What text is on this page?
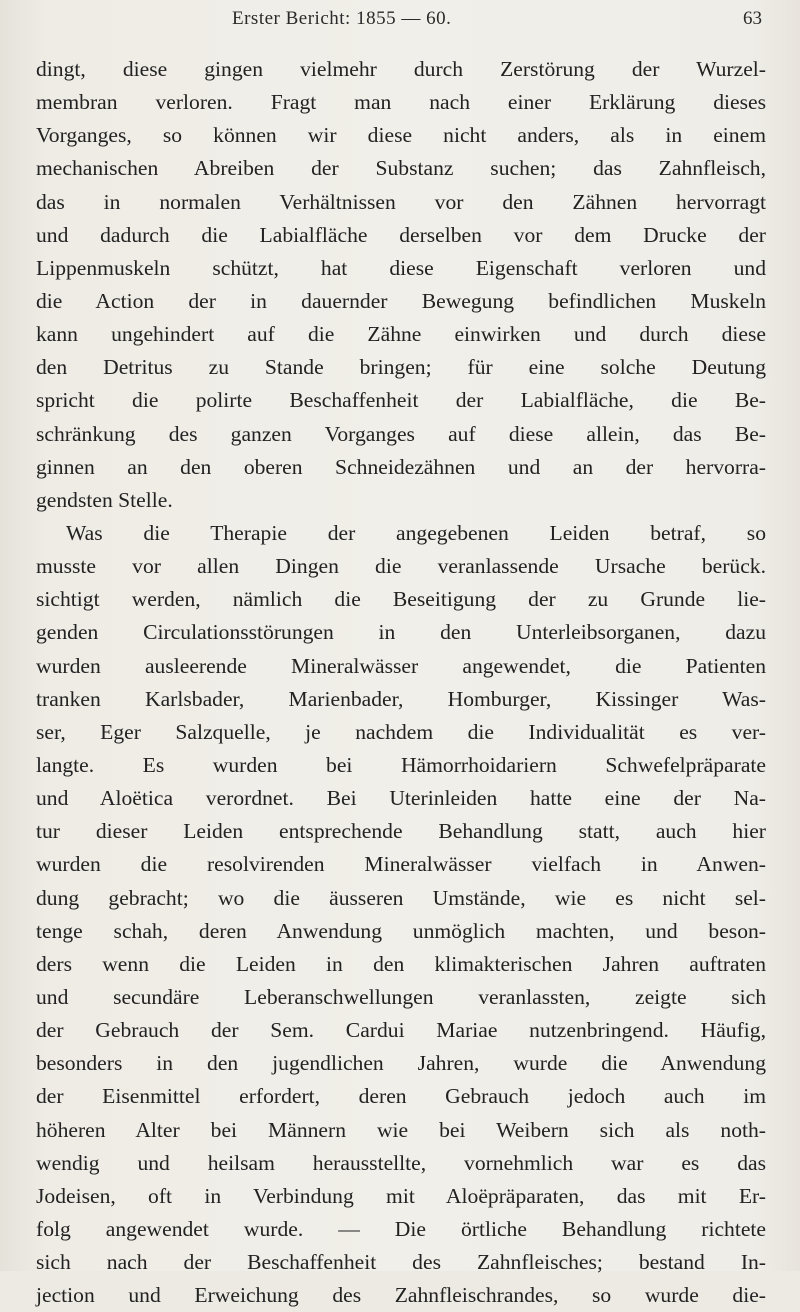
Erster Bericht: 1855 — 60.	63
dingt, diese gingen vielmehr durch Zerstörung der Wurzel-
membran verloren. Fragt man nach einer Erklärung dieses
Vorganges, so können wir diese nicht anders, als in einem
mechanischen Abreiben der Substanz suchen; das Zahnfleisch,
das in normalen Verhältnissen vor den Zähnen hervorragt
und dadurch die Labialfläche derselben vor dem Drucke der
Lippenmuskeln schützt, hat diese Eigenschaft verloren und
die Action der in dauernder Bewegung befindlichen Muskeln
kann ungehindert auf die Zähne einwirken und durch diese
den Detritus zu Stande bringen; für eine solche Deutung
spricht die polirte Beschaffenheit der Labialfläche, die Be-
schränkung des ganzen Vorganges auf diese allein, das Be-
ginnen an den oberen Schneidezähnen und an der hervorra-
gendsten Stelle.
Was die Therapie der angegebenen Leiden betraf, so
musste vor allen Dingen die veranlassende Ursache berück.
sichtigt werden, nämlich die Beseitigung der zu Grunde lie-
genden Circulationsstörungen in den Unterleibsorganen, dazu
wurden ausleerende Mineralwässer angewendet, die Patienten
tranken Karlsbader, Marienbader, Homburger, Kissinger Was-
ser, Eger Salzquelle, je nachdem die Individualität es ver-
langte. Es wurden bei Hämorrhoidariern Schwefelpräparate
und Aloëtica verordnet. Bei Uterinleiden hatte eine der Na-
tur dieser Leiden entsprechende Behandlung statt, auch hier
wurden die resolvirenden Mineralwässer vielfach in Anwen-
dung gebracht; wo die äusseren Umstände, wie es nicht sel-
tenge schah, deren Anwendung unmöglich machten, und beson-
ders wenn die Leiden in den klimakterischen Jahren auftraten
und secundäre Leberanschwellungen veranlassten, zeigte sich
der Gebrauch der Sem. Cardui Mariae nutzenbringend. Häufig,
besonders in den jugendlichen Jahren, wurde die Anwendung
der Eisenmittel erfordert, deren Gebrauch jedoch auch im
höheren Alter bei Männern wie bei Weibern sich als noth-
wendig und heilsam herausstellte, vornehmlich war es das
Jodeisen, oft in Verbindung mit Aloëpräparaten, das mit Er-
folg angewendet wurde. — Die örtliche Behandlung richtete
sich nach der Beschaffenheit des Zahnfleisches; bestand In-
jection und Erweichung des Zahnfleischrandes, so wurde die-
